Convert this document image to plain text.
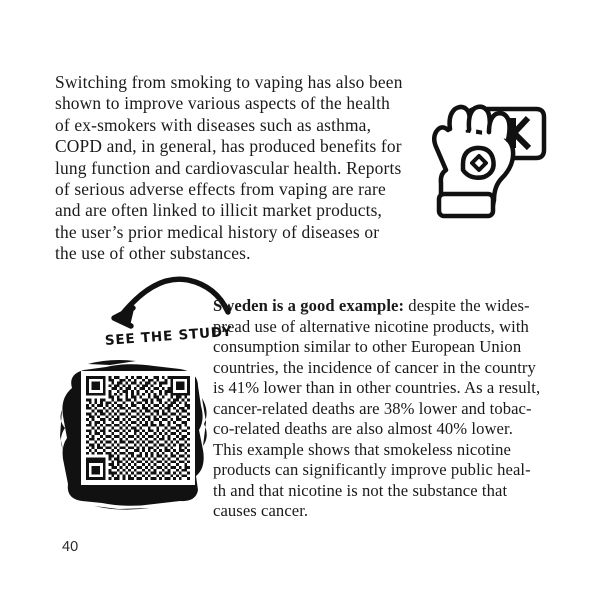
Switching from smoking to vaping has also been
shown to improve various aspects of the health
of ex-smokers with diseases such as asthma,
COPD and, in general, has produced benefits for
lung function and cardiovascular health. Reports
of serious adverse effects from vaping are rare
and are often linked to illicit market products,
the user’s prior medical history of diseases or
the use of other substances.
SEE THE STUDY
Sweden is a good example: despite the wides-
pread use of alternative nicotine products, with
consumption similar to other European Union
countries, the incidence of cancer in the country
is 41% lower than in other countries. As a result,
cancer-related deaths are 38% lower and tobac-
co-related deaths are also almost 40% lower.
This example shows that smokeless nicotine
products can significantly improve public heal-
th and that nicotine is not the substance that
causes cancer.
40
